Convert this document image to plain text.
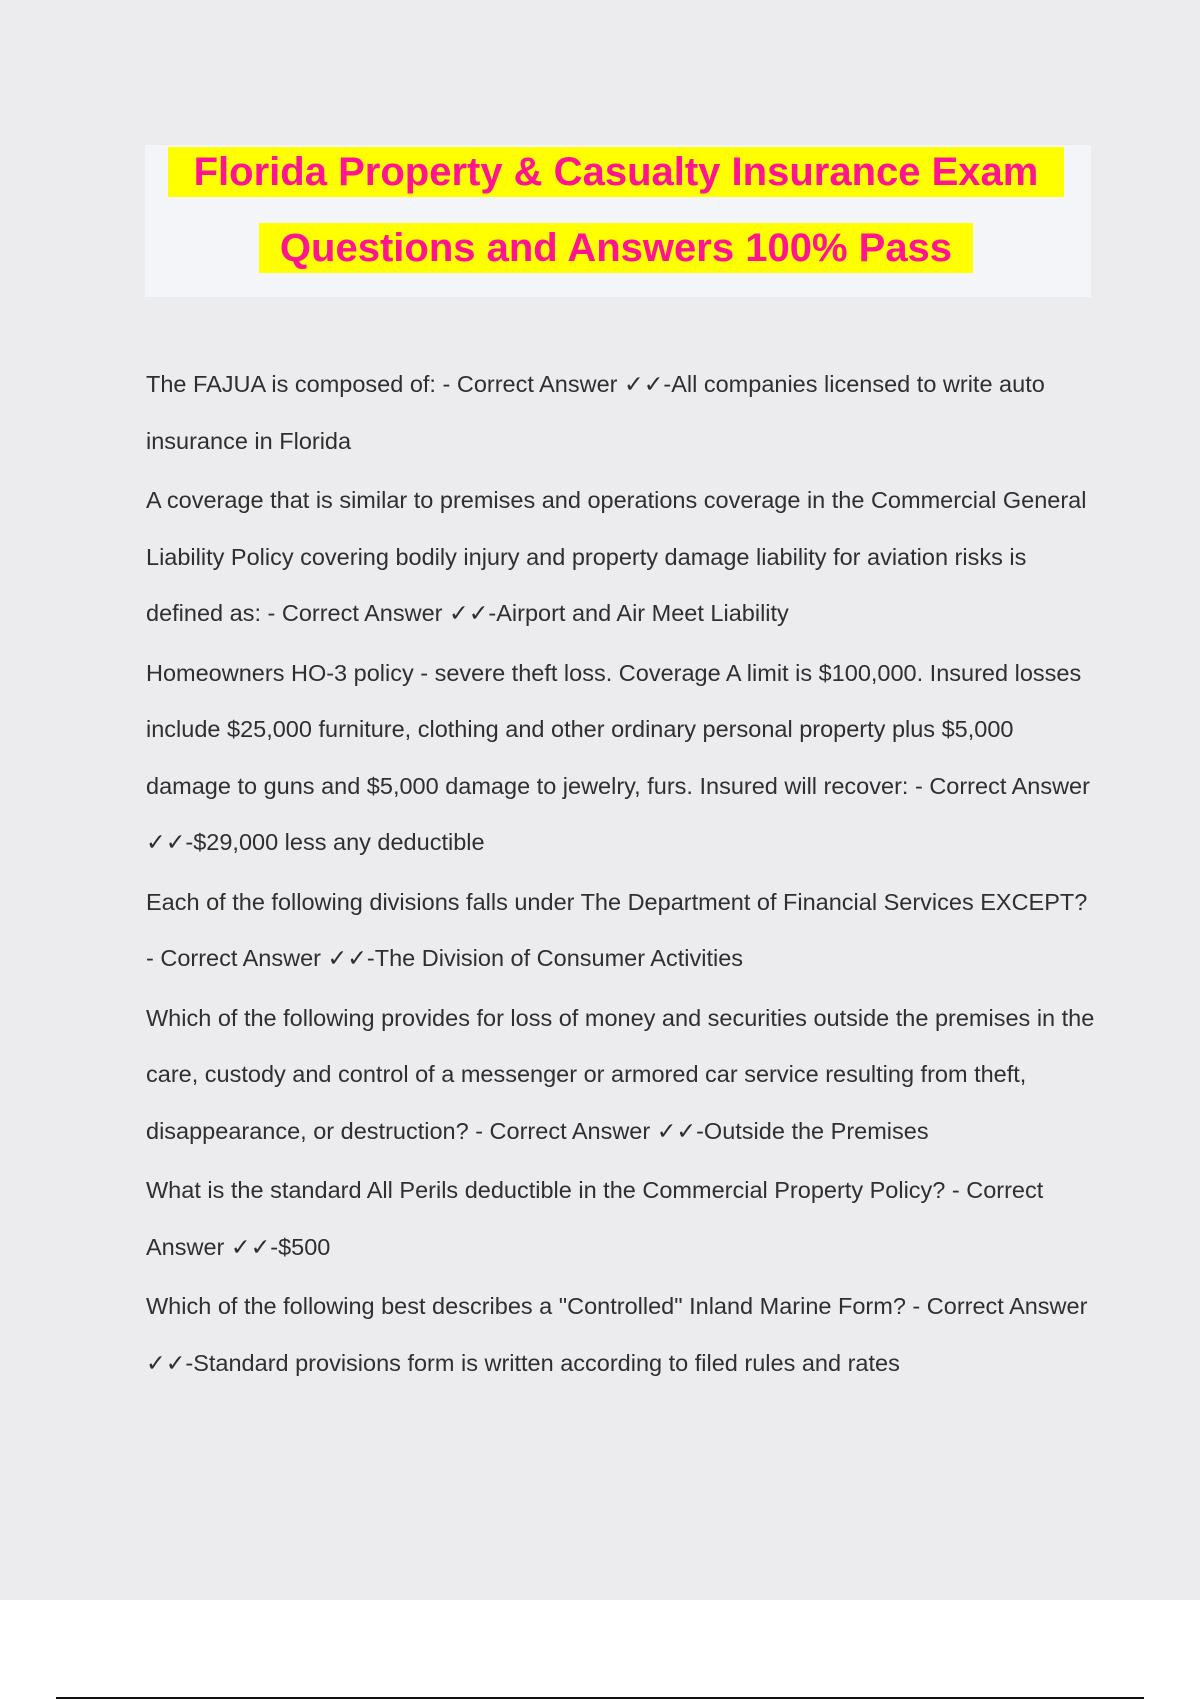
Florida Property & Casualty Insurance Exam
Questions and Answers 100% Pass

The FAJUA is composed of: - Correct Answer ✓✓-All companies licensed to write auto insurance in Florida

A coverage that is similar to premises and operations coverage in the Commercial General Liability Policy covering bodily injury and property damage liability for aviation risks is defined as: - Correct Answer ✓✓-Airport and Air Meet Liability

Homeowners HO-3 policy - severe theft loss. Coverage A limit is $100,000. Insured losses include $25,000 furniture, clothing and other ordinary personal property plus $5,000 damage to guns and $5,000 damage to jewelry, furs. Insured will recover: - Correct Answer ✓✓-$29,000 less any deductible

Each of the following divisions falls under The Department of Financial Services EXCEPT? - Correct Answer ✓✓-The Division of Consumer Activities

Which of the following provides for loss of money and securities outside the premises in the care, custody and control of a messenger or armored car service resulting from theft, disappearance, or destruction? - Correct Answer ✓✓-Outside the Premises

What is the standard All Perils deductible in the Commercial Property Policy? - Correct Answer ✓✓-$500

Which of the following best describes a "Controlled" Inland Marine Form? - Correct Answer ✓✓-Standard provisions form is written according to filed rules and rates
